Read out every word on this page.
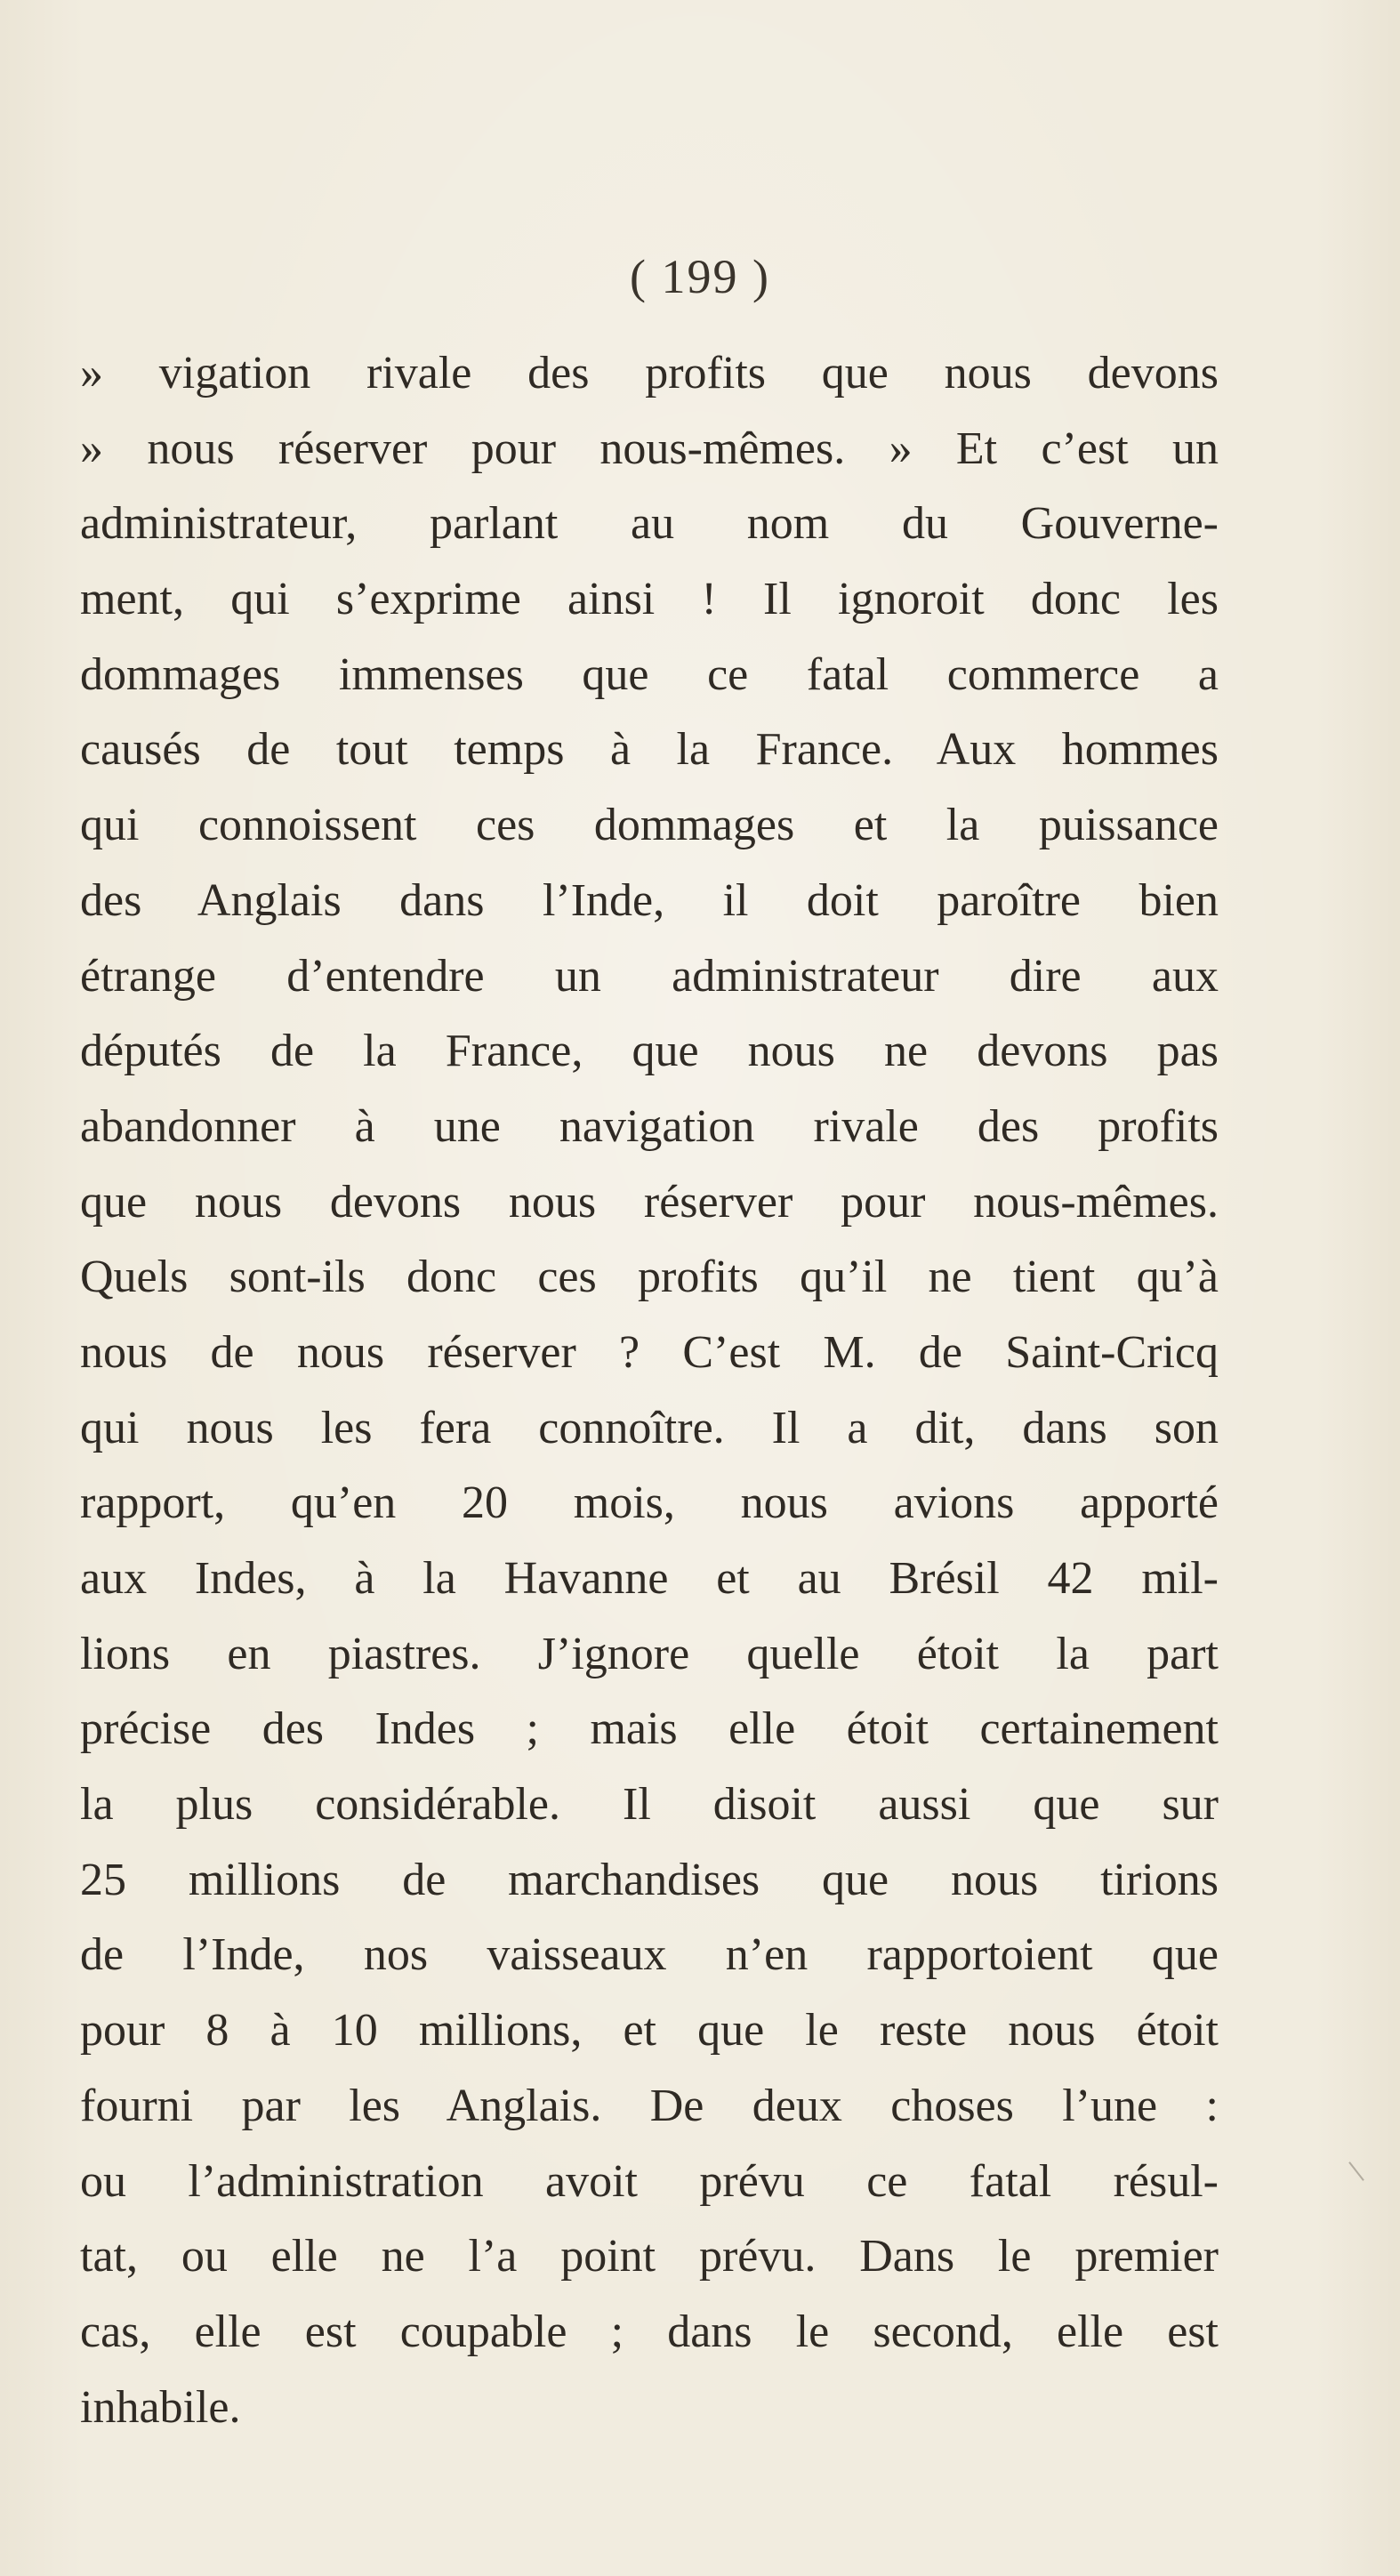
( 199 )
» vigation rivale des profits que nous devons
» nous réserver pour nous-mêmes. » Et c’est un
administrateur, parlant au nom du Gouverne-
ment, qui s’exprime ainsi ! Il ignoroit donc les
dommages immenses que ce fatal commerce a
causés de tout temps à la France. Aux hommes
qui connoissent ces dommages et la puissance
des Anglais dans l’Inde, il doit paroître bien
étrange d’entendre un administrateur dire aux
députés de la France, que nous ne devons pas
abandonner à une navigation rivale des profits
que nous devons nous réserver pour nous-mêmes.
Quels sont-ils donc ces profits qu’il ne tient qu’à
nous de nous réserver ? C’est M. de Saint-Cricq
qui nous les fera connoître. Il a dit, dans son
rapport, qu’en 20 mois, nous avions apporté
aux Indes, à la Havanne et au Brésil 42 mil-
lions en piastres. J’ignore quelle étoit la part
précise des Indes ; mais elle étoit certainement
la plus considérable. Il disoit aussi que sur
25 millions de marchandises que nous tirions
de l’Inde, nos vaisseaux n’en rapportoient que
pour 8 à 10 millions, et que le reste nous étoit
fourni par les Anglais. De deux choses l’une :
ou l’administration avoit prévu ce fatal résul-
tat, ou elle ne l’a point prévu. Dans le premier
cas, elle est coupable ; dans le second, elle est
inhabile.
